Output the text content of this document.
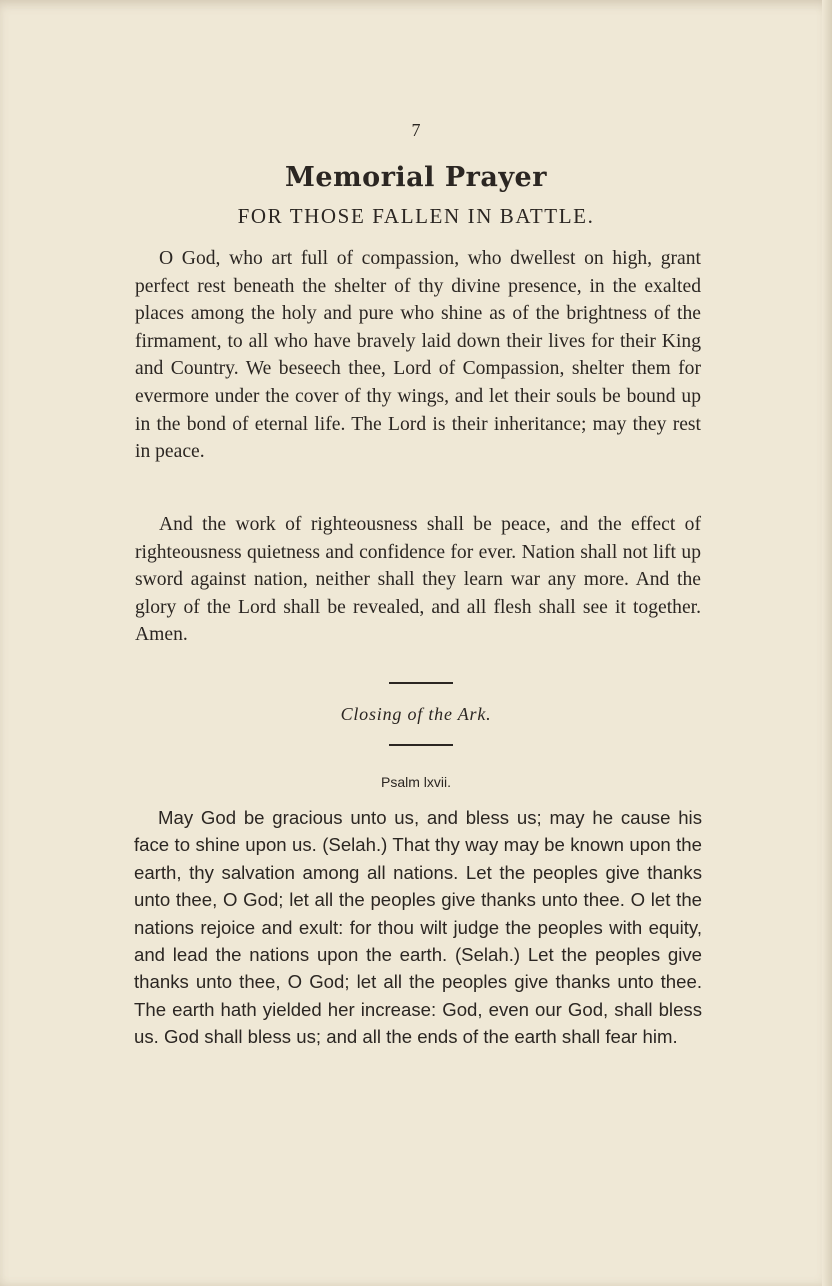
7
Memorial Prayer
FOR THOSE FALLEN IN BATTLE.

O God, who art full of compassion, who dwellest on high, grant perfect rest beneath the shelter of thy divine presence, in the exalted places among the holy and pure who shine as of the brightness of the firmament, to all who have bravely laid down their lives for their King and Country. We beseech thee, Lord of Compassion, shelter them for evermore under the cover of thy wings, and let their souls be bound up in the bond of eternal life. The Lord is their inheritance; may they rest in peace.

And the work of righteousness shall be peace, and the effect of righteousness quietness and confidence for ever. Nation shall not lift up sword against nation, neither shall they learn war any more. And the glory of the Lord shall be revealed, and all flesh shall see it together. Amen.

Closing of the Ark.
Psalm lxvii.

May God be gracious unto us, and bless us; may he cause his face to shine upon us. (Selah.) That thy way may be known upon the earth, thy salvation among all nations. Let the peoples give thanks unto thee, O God; let all the peoples give thanks unto thee. O let the nations rejoice and exult: for thou wilt judge the peoples with equity, and lead the nations upon the earth. (Selah.) Let the peoples give thanks unto thee, O God; let all the peoples give thanks unto thee. The earth hath yielded her increase: God, even our God, shall bless us. God shall bless us; and all the ends of the earth shall fear him.
